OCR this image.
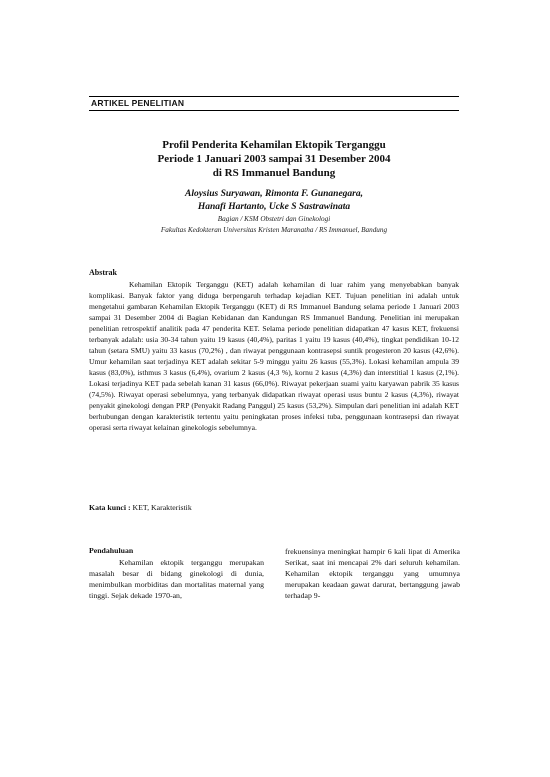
ARTIKEL PENELITIAN
Profil Penderita Kehamilan Ektopik Terganggu
Periode 1 Januari 2003 sampai 31 Desember 2004
di RS Immanuel Bandung
Aloysius Suryawan, Rimonta F. Gunanegara,
Hanafi Hartanto, Ucke S Sastrawinata
Bagian / KSM Obstetri dan Ginekologi
Fakultas Kedokteran Universitas Kristen Maranatha / RS Immanuel, Bandung
Abstrak

Kehamilan Ektopik Terganggu (KET) adalah kehamilan di luar rahim yang menyebabkan banyak komplikasi. Banyak faktor yang diduga berpengaruh terhadap kejadian KET. Tujuan penelitian ini adalah untuk mengetahui gambaran Kehamilan Ektopik Terganggu (KET) di RS Immanuel Bandung selama periode 1 Januari 2003 sampai 31 Desember 2004 di Bagian Kebidanan dan Kandungan RS Immanuel Bandung. Penelitian ini merupakan penelitian retrospektif analitik pada 47 penderita KET. Selama periode penelitian didapatkan 47 kasus KET, frekuensi terbanyak adalah: usia 30-34 tahun yaitu 19 kasus (40,4%), paritas 1 yaitu 19 kasus (40,4%), tingkat pendidikan 10-12 tahun (setara SMU) yaitu 33 kasus (70,2%) , dan riwayat penggunaan kontrasepsi suntik progesteron 20 kasus (42,6%). Umur kehamilan saat terjadinya KET adalah sekitar 5-9 minggu yaitu 26 kasus (55,3%). Lokasi kehamilan ampula 39 kasus (83,0%), isthmus 3 kasus (6,4%), ovarium 2 kasus (4,3 %), kornu 2 kasus (4,3%) dan interstitial 1 kasus (2,1%). Lokasi terjadinya KET pada sebelah kanan 31 kasus (66,0%). Riwayat pekerjaan suami yaitu karyawan pabrik 35 kasus (74,5%). Riwayat operasi sebelumnya, yang terbanyak didapatkan riwayat operasi usus buntu 2 kasus (4,3%), riwayat penyakit ginekologi dengan PRP (Penyakit Radang Panggul) 25 kasus (53,2%). Simpulan dari penelitian ini adalah KET berhubungan dengan karakteristik tertentu yaitu peningkatan proses infeksi tuba, penggunaan kontrasepsi dan riwayat operasi serta riwayat kelainan ginekologis sebelumnya.

Kata kunci : KET, Karakteristik
Pendahuluan

Kehamilan ektopik terganggu merupakan masalah besar di bidang ginekologi di dunia, menimbulkan morbiditas dan mortalitas maternal yang tinggi. Sejak dekade 1970-an,

frekuensinya meningkat hampir 6 kali lipat di Amerika Serikat, saat ini mencapai 2% dari seluruh kehamilan. Kehamilan ektopik terganggu yang umumnya merupakan keadaan gawat darurat, bertanggung jawab terhadap 9-
